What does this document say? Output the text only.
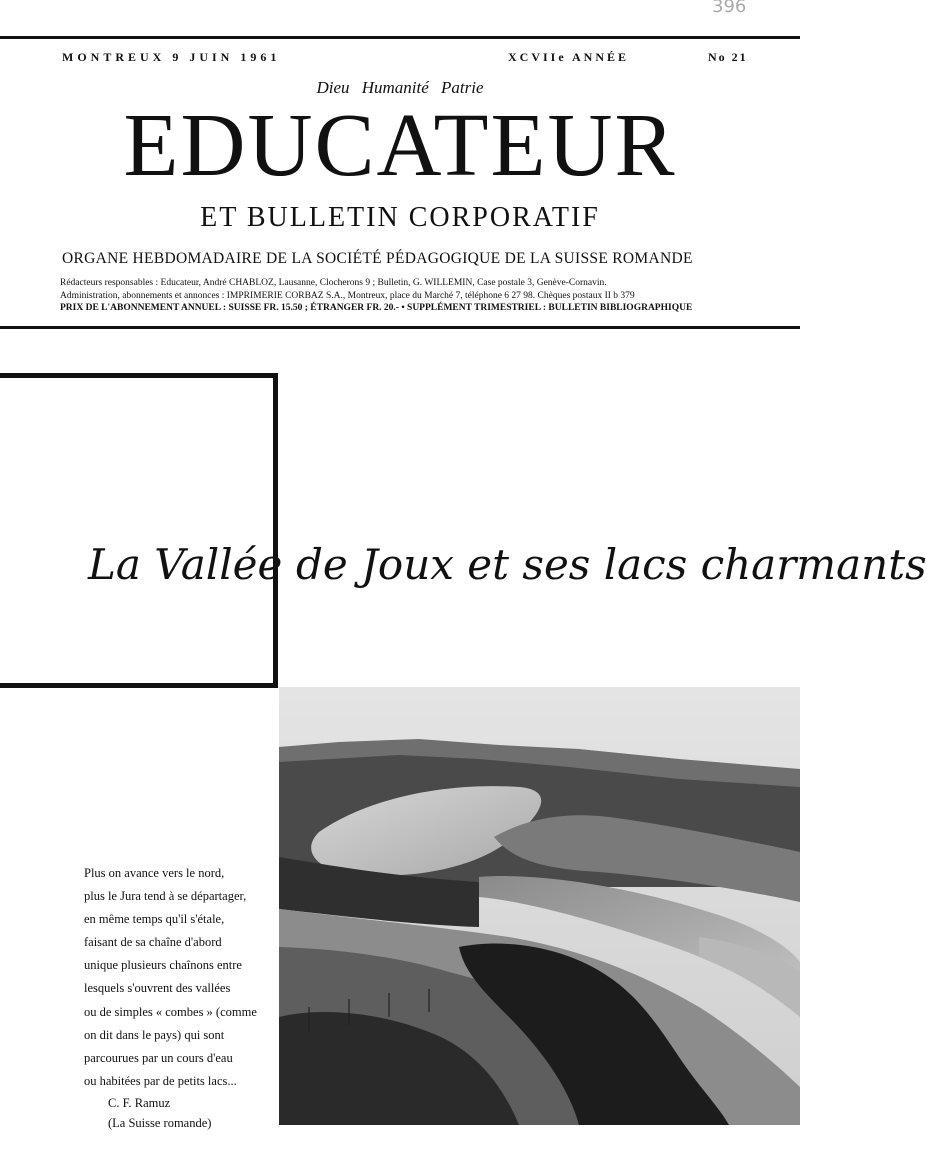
396
MONTREUX 9 JUIN 1961	XCVIIe ANNÉE	No 21
Dieu Humanité Patrie
EDUCATEUR
ET BULLETIN CORPORATIF
ORGANE HEBDOMADAIRE DE LA SOCIÉTÉ PÉDAGOGIQUE DE LA SUISSE ROMANDE
Rédacteurs responsables : Educateur, André CHABLOZ, Lausanne, Clocherons 9 ; Bulletin, G. WILLEMIN, Case postale 3, Genève-Cornavin.
Administration, abonnements et annonces : IMPRIMERIE CORBAZ S.A., Montreux, place du Marché 7, téléphone 6 27 98. Chèques postaux II b 379
PRIX DE L'ABONNEMENT ANNUEL : SUISSE FR. 15.50 ; ÉTRANGER FR. 20.- • SUPPLÉMENT TRIMESTRIEL : BULLETIN BIBLIOGRAPHIQUE
La Vallée de Joux et ses lacs charmants
Plus on avance vers le nord,
plus le Jura tend à se départager,
en même temps qu'il s'étale,
faisant de sa chaîne d'abord
unique plusieurs chaînons entre
lesquels s'ouvrent des vallées
ou de simples « combes » (comme
on dit dans le pays) qui sont
parcourues par un cours d'eau
ou habitées par de petits lacs...
C. F. Ramuz
(La Suisse romande)
